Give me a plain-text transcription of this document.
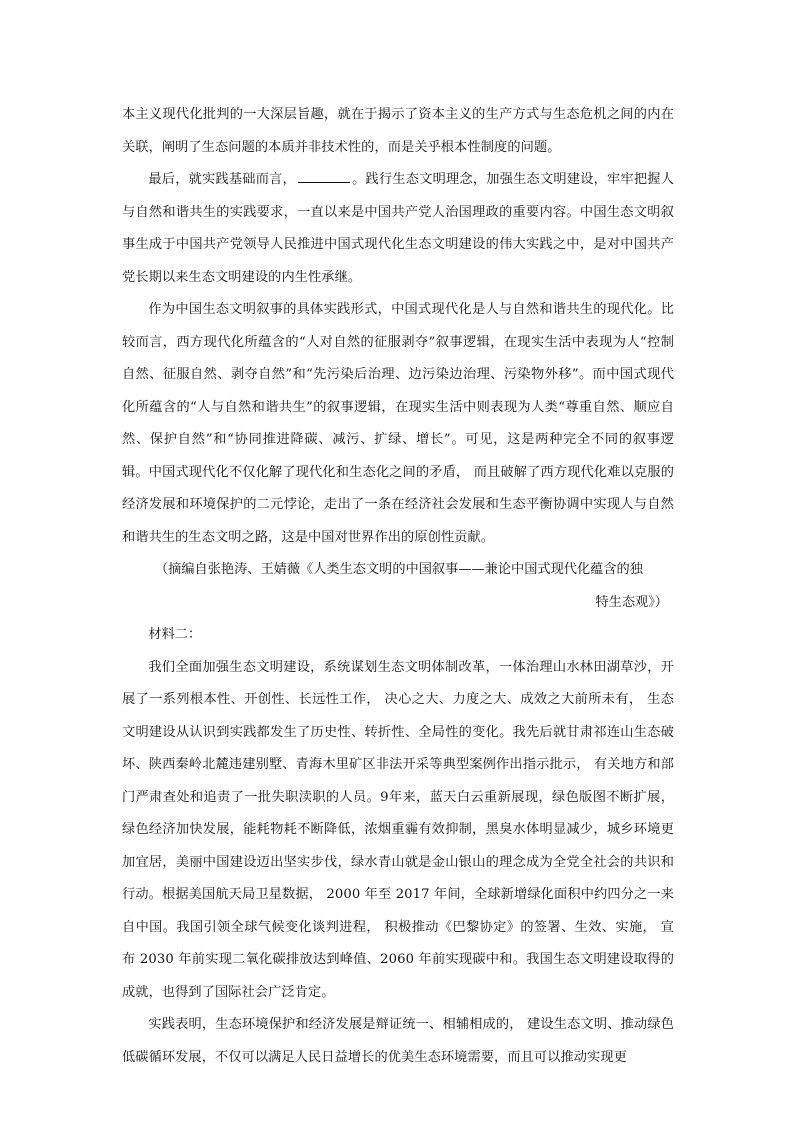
本主义现代化批判的一大深层旨趣，就在于揭示了资本主义的生产方式与生态危机之间的内在关联，阐明了生态问题的本质并非技术性的，而是关乎根本性制度的问题。

最后，就实践基础而言，	。践行生态文明理念，加强生态文明建设，牢牢把握人与自然和谐共生的实践要求，一直以来是中国共产党人治国理政的重要内容。中国生态文明叙事生成于中国共产党领导人民推进中国式现代化生态文明建设的伟大实践之中，是对中国共产党长期以来生态文明建设的内生性承继。

作为中国生态文明叙事的具体实践形式，中国式现代化是人与自然和谐共生的现代化。比较而言，西方现代化所蕴含的“人对自然的征服剥夺”叙事逻辑，在现实生活中表现为人“控制自然、征服自然、剥夺自然”和“先污染后治理、边污染边治理、污染物外移”。而中国式现代化所蕴含的“人与自然和谐共生”的叙事逻辑，在现实生活中则表现为人类“尊重自然、顺应自然、保护自然”和“协同推进降碳、减污、扩绿、增长”。可见，这是两种完全不同的叙事逻辑。中国式现代化不仅化解了现代化和生态化之间的矛盾， 而且破解了西方现代化难以克服的经济发展和环境保护的二元悖论，走出了一条在经济社会发展和生态平衡协调中实现人与自然和谐共生的生态文明之路，这是中国对世界作出的原创性贡献。

（摘编自张艳涛、王婧薇《人类生态文明的中国叙事——兼论中国式现代化蕴含的独

特生态观》）

材料二：

我们全面加强生态文明建设，系统谋划生态文明体制改革，一体治理山水林田湖草沙，开展了一系列根本性、开创性、长远性工作， 决心之大、力度之大、成效之大前所未有， 生态文明建设从认识到实践都发生了历史性、转折性、全局性的变化。我先后就甘肃祁连山生态破坏、陕西秦岭北麓违建别墅、青海木里矿区非法开采等典型案例作出指示批示， 有关地方和部门严肃查处和追责了一批失职渎职的人员。9年来，蓝天白云重新展现，绿色版图不断扩展，绿色经济加快发展，能耗物耗不断降低，浓烟重霾有效抑制，黑臭水体明显减少，城乡环境更加宜居，美丽中国建设迈出坚实步伐，绿水青山就是金山银山的理念成为全党全社会的共识和行动。根据美国航天局卫星数据， 2000 年至 2017 年间，全球新增绿化面积中约四分之一来自中国。我国引领全球气候变化谈判进程， 积极推动《巴黎协定》的签署、生效、实施， 宣布 2030 年前实现二氧化碳排放达到峰值、2060 年前实现碳中和。我国生态文明建设取得的成就，也得到了国际社会广泛肯定。

实践表明，生态环境保护和经济发展是辩证统一、相辅相成的， 建设生态文明、推动绿色低碳循环发展，不仅可以满足人民日益增长的优美生态环境需要，而且可以推动实现更
